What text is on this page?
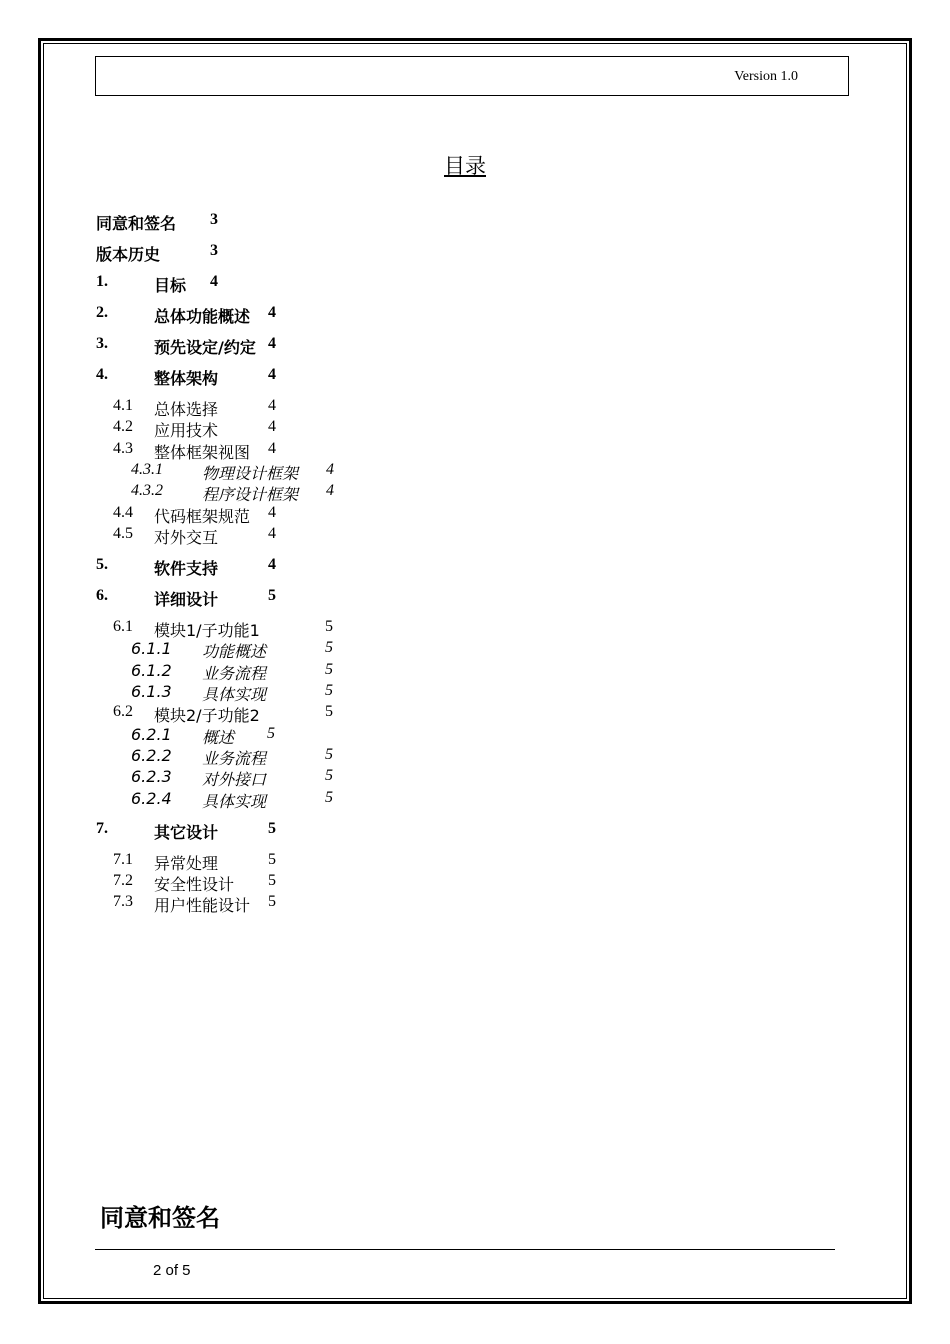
Version 1.0
目录
同意和签名 3
版本历史	3
1.	目标 4
2.	总体功能概述 4
3.	预先设定/约定 4
4.	整体架构	4
4.1 总体选择	4
4.2 应用技术	4
4.3 整体框架视图 4
4.3.1 物理设计框架 4
4.3.2 程序设计框架 4
4.4 代码框架规范 4
4.5 对外交互	4
5.	软件支持	4
6.	详细设计	5
6.1 模块1/子功能1	5
6.1.1 功能概述	5
6.1.2 业务流程	5
6.1.3 具体实现	5
6.2 模块2/子功能2	5
6.2.1 概述 5
6.2.2 业务流程	5
6.2.3 对外接口	5
6.2.4 具体实现	5
7.	其它设计	5
7.1 异常处理	5
7.2 安全性设计 5
7.3 用户性能设计 5
同意和签名
2 of 5
